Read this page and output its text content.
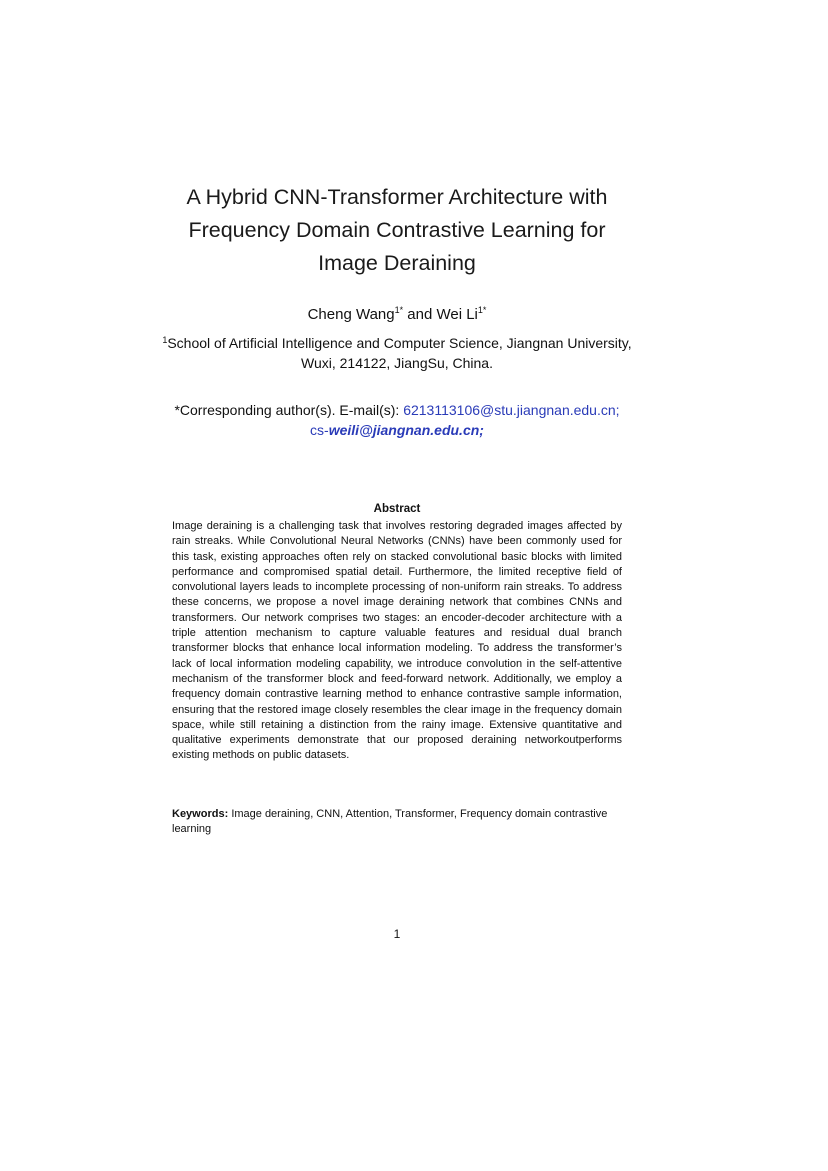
A Hybrid CNN-Transformer Architecture with
Frequency Domain Contrastive Learning for
Image Deraining
Cheng Wang$^{1*}$ and Wei $Li^{1*}$
$^1$School of Artificial Intelligence and Computer Science, Jiangnan University, Wuxi, 214122, JiangSu, China.
*Corresponding author(s). E-mail(s): 6213113106@stu.jiangnan.edu.cn;
cs-weili@jiangnan.edu.cn;
Abstract
Image deraining is a challenging task that involves restoring degraded images affected by rain streaks. While Convolutional Neural Networks (CNNs) have been commonly used for this task, existing approaches often rely on stacked convolutional basic blocks with limited performance and compromised spatial detail. Furthermore, the limited receptive field of convolutional layers leads to incomplete processing of non-uniform rain streaks. To address these concerns, we propose a novel image deraining network that combines CNNs and transformers. Our network comprises two stages: an encoder-decoder architecture with a triple attention mechanism to capture valuable features and residual dual branch transformer blocks that enhance local information modeling. To address the transformer’s lack of local information modeling capability, we introduce convolution in the self-attentive mechanism of the transformer block and feed-forward network. Additionally, we employ a frequency domain contrastive learning method to enhance contrastive sample information, ensuring that the restored image closely resembles the clear image in the frequency domain space, while still retaining a distinction from the rainy image. Extensive quantitative and qualitative experiments demonstrate that our proposed deraining networkoutperforms existing methods on public datasets.
Keywords: Image deraining, CNN, Attention, Transformer, Frequency domain contrastive learning
1
